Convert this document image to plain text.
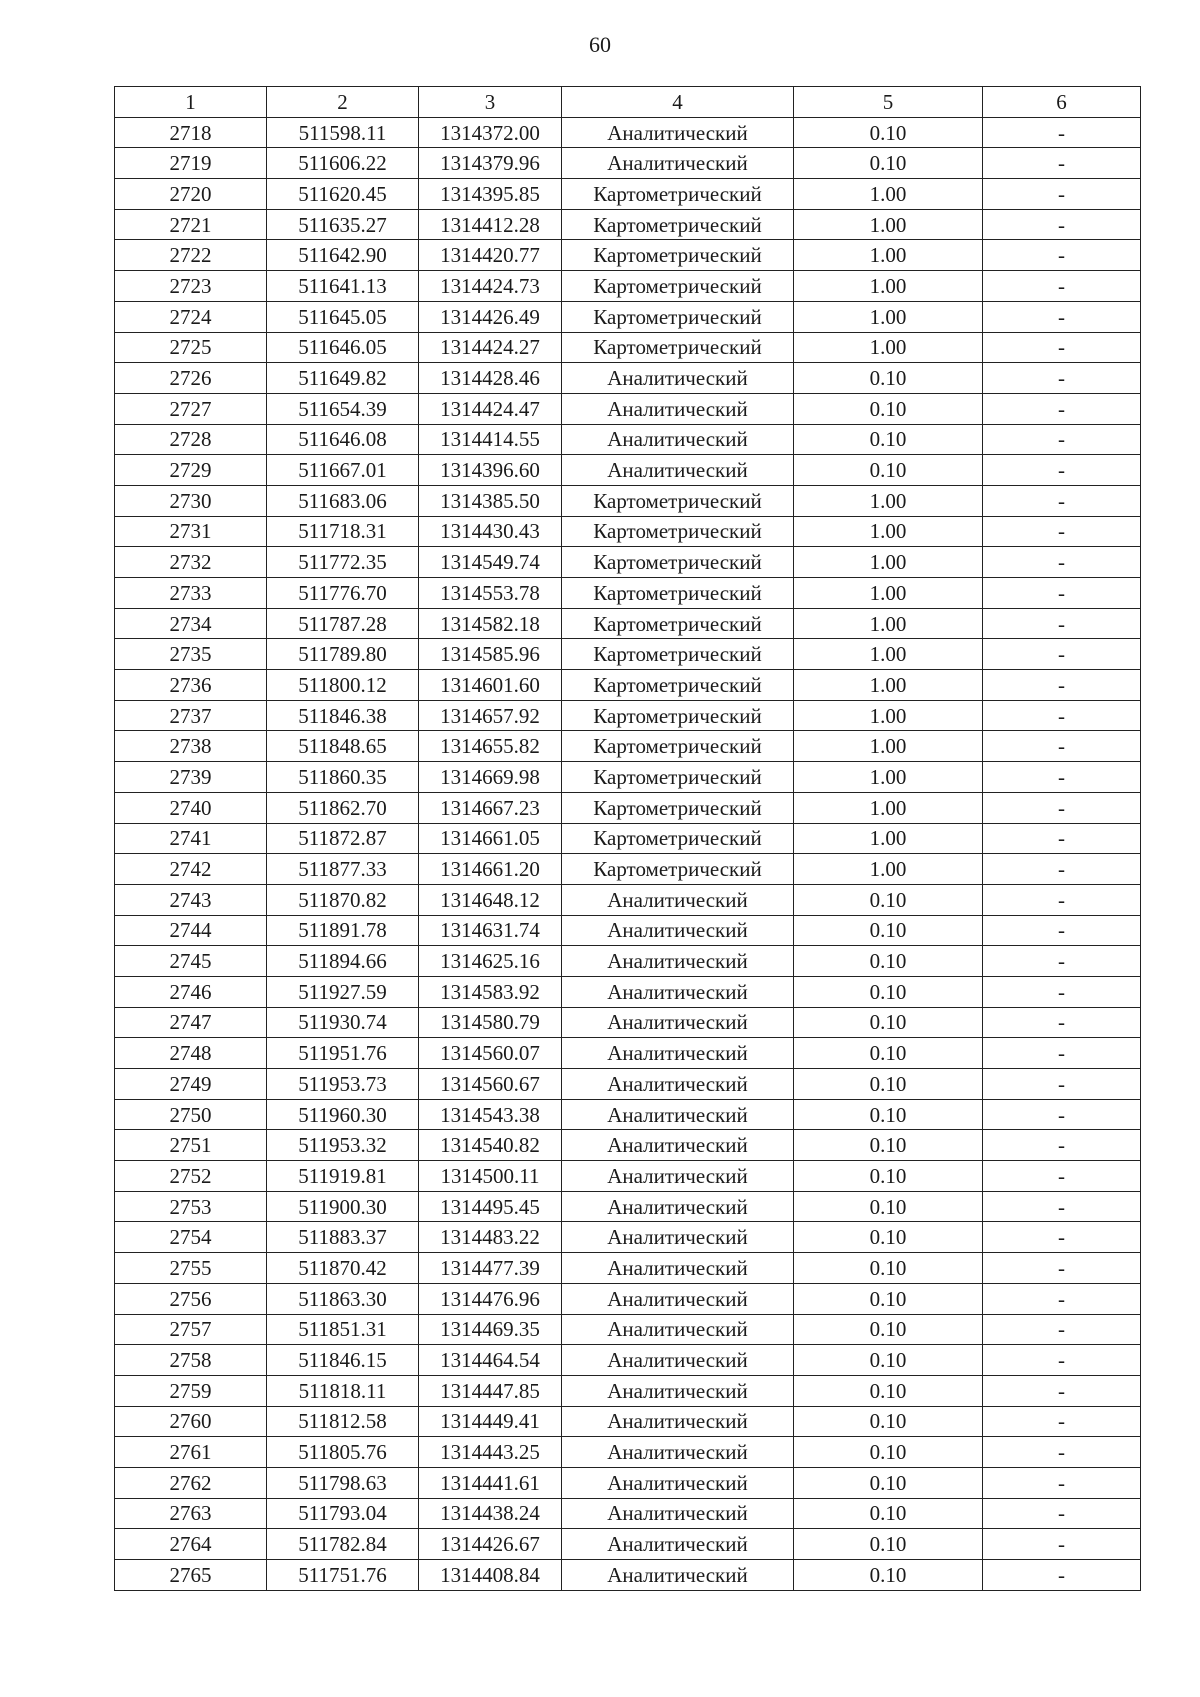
60
1	2	3	4	5	6
2718	511598.11	1314372.00	Аналитический	0.10	-
2719	511606.22	1314379.96	Аналитический	0.10	-
2720	511620.45	1314395.85	Картометрический	1.00	-
2721	511635.27	1314412.28	Картометрический	1.00	-
2722	511642.90	1314420.77	Картометрический	1.00	-
2723	511641.13	1314424.73	Картометрический	1.00	-
2724	511645.05	1314426.49	Картометрический	1.00	-
2725	511646.05	1314424.27	Картометрический	1.00	-
2726	511649.82	1314428.46	Аналитический	0.10	-
2727	511654.39	1314424.47	Аналитический	0.10	-
2728	511646.08	1314414.55	Аналитический	0.10	-
2729	511667.01	1314396.60	Аналитический	0.10	-
2730	511683.06	1314385.50	Картометрический	1.00	-
2731	511718.31	1314430.43	Картометрический	1.00	-
2732	511772.35	1314549.74	Картометрический	1.00	-
2733	511776.70	1314553.78	Картометрический	1.00	-
2734	511787.28	1314582.18	Картометрический	1.00	-
2735	511789.80	1314585.96	Картометрический	1.00	-
2736	511800.12	1314601.60	Картометрический	1.00	-
2737	511846.38	1314657.92	Картометрический	1.00	-
2738	511848.65	1314655.82	Картометрический	1.00	-
2739	511860.35	1314669.98	Картометрический	1.00	-
2740	511862.70	1314667.23	Картометрический	1.00	-
2741	511872.87	1314661.05	Картометрический	1.00	-
2742	511877.33	1314661.20	Картометрический	1.00	-
2743	511870.82	1314648.12	Аналитический	0.10	-
2744	511891.78	1314631.74	Аналитический	0.10	-
2745	511894.66	1314625.16	Аналитический	0.10	-
2746	511927.59	1314583.92	Аналитический	0.10	-
2747	511930.74	1314580.79	Аналитический	0.10	-
2748	511951.76	1314560.07	Аналитический	0.10	-
2749	511953.73	1314560.67	Аналитический	0.10	-
2750	511960.30	1314543.38	Аналитический	0.10	-
2751	511953.32	1314540.82	Аналитический	0.10	-
2752	511919.81	1314500.11	Аналитический	0.10	-
2753	511900.30	1314495.45	Аналитический	0.10	-
2754	511883.37	1314483.22	Аналитический	0.10	-
2755	511870.42	1314477.39	Аналитический	0.10	-
2756	511863.30	1314476.96	Аналитический	0.10	-
2757	511851.31	1314469.35	Аналитический	0.10	-
2758	511846.15	1314464.54	Аналитический	0.10	-
2759	511818.11	1314447.85	Аналитический	0.10	-
2760	511812.58	1314449.41	Аналитический	0.10	-
2761	511805.76	1314443.25	Аналитический	0.10	-
2762	511798.63	1314441.61	Аналитический	0.10	-
2763	511793.04	1314438.24	Аналитический	0.10	-
2764	511782.84	1314426.67	Аналитический	0.10	-
2765	511751.76	1314408.84	Аналитический	0.10	-
